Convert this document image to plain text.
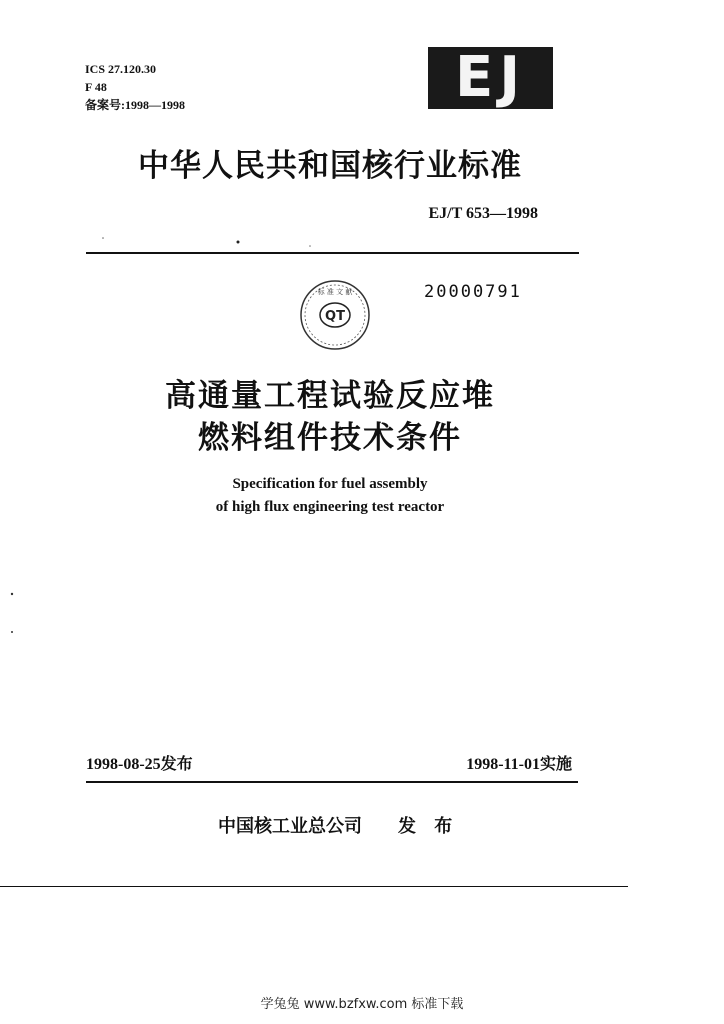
ICS 27.120.30
F 48
备案号:1998—1998	EJ
中华人民共和国核行业标准
EJ/T 653—1998
QT
标 准 文 献	20000791
高通量工程试验反应堆
燃料组件技术条件
Specification for fuel assembly
of high flux engineering test reactor
1998-08-25发布	1998-11-01实施
中国核工业总公司 发 布
学兔兔 www.bzfxw.com 标准下载
